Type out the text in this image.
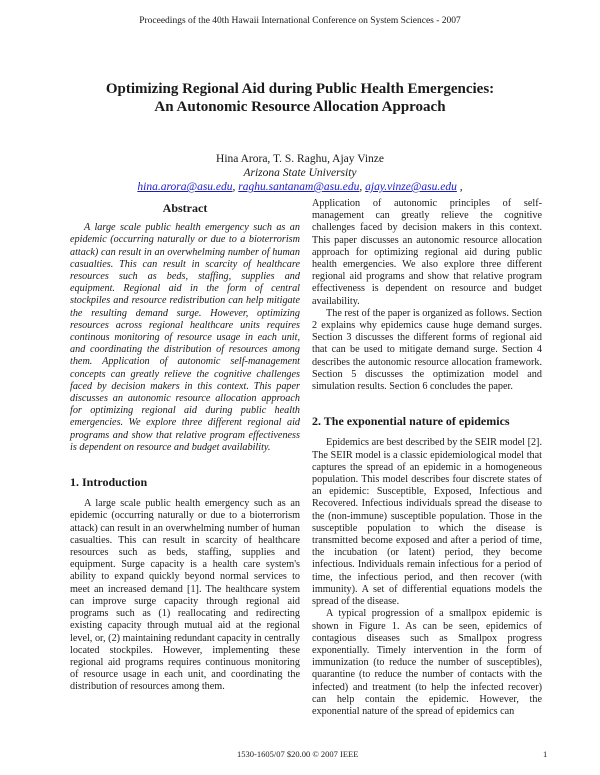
Proceedings of the 40th Hawaii International Conference on System Sciences - 2007
Optimizing Regional Aid during Public Health Emergencies:
An Autonomic Resource Allocation Approach
Hina Arora, T. S. Raghu, Ajay Vinze
Arizona State University
hina.arora@asu.edu, raghu.santanam@asu.edu, ajay.vinze@asu.edu ,
Abstract

A large scale public health emergency such as an epidemic (occurring naturally or due to a bioterrorism attack) can result in an overwhelming number of human casualties. This can result in scarcity of healthcare resources such as beds, staffing, supplies and equipment. Regional aid in the form of central stockpiles and resource redistribution can help mitigate the resulting demand surge. However, optimizing resources across regional healthcare units requires continous monitoring of resource usage in each unit, and coordinating the distribution of resources among them. Application of autonomic self-management concepts can greatly relieve the cognitive challenges faced by decision makers in this context. This paper discusses an autonomic resource allocation approach for optimizing regional aid during public health emergencies. We explore three different regional aid programs and show that relative program effectiveness is dependent on resource and budget availability.

1. Introduction

A large scale public health emergency such as an epidemic (occurring naturally or due to a bioterrorism attack) can result in an overwhelming number of human casualties. This can result in scarcity of healthcare resources such as beds, staffing, supplies and equipment. Surge capacity is a health care system's ability to expand quickly beyond normal services to meet an increased demand [1]. The healthcare system can improve surge capacity through regional aid programs such as (1) reallocating and redirecting existing capacity through mutual aid at the regional level, or, (2) maintaining redundant capacity in centrally located stockpiles. However, implementing these regional aid programs requires continuous monitoring of resource usage in each unit, and coordinating the distribution of resources among them.

Application of autonomic principles of self-management can greatly relieve the cognitive challenges faced by decision makers in this context. This paper discusses an autonomic resource allocation approach for optimizing regional aid during public health emergencies. We also explore three different regional aid programs and show that relative program effectiveness is dependent on resource and budget availability.

The rest of the paper is organized as follows. Section 2 explains why epidemics cause huge demand surges. Section 3 discusses the different forms of regional aid that can be used to mitigate demand surge. Section 4 describes the autonomic resource allocation framework. Section 5 discusses the optimization model and simulation results. Section 6 concludes the paper.

2. The exponential nature of epidemics

Epidemics are best described by the SEIR model [2]. The SEIR model is a classic epidemiological model that captures the spread of an epidemic in a homogeneous population. This model describes four discrete states of an epidemic: Susceptible, Exposed, Infectious and Recovered. Infectious individuals spread the disease to the (non-immune) susceptible population. Those in the susceptible population to which the disease is transmitted become exposed and after a period of time, the incubation (or latent) period, they become infectious. Individuals remain infectious for a period of time, the infectious period, and then recover (with immunity). A set of differential equations models the spread of the disease.

A typical progression of a smallpox epidemic is shown in Figure 1. As can be seen, epidemics of contagious diseases such as Smallpox progress exponentially. Timely intervention in the form of immunization (to reduce the number of susceptibles), quarantine (to reduce the number of contacts with the infected) and treatment (to help the infected recover) can help contain the epidemic. However, the exponential nature of the spread of epidemics can

1530-1605/07 $20.00 © 2007 IEEE	1
